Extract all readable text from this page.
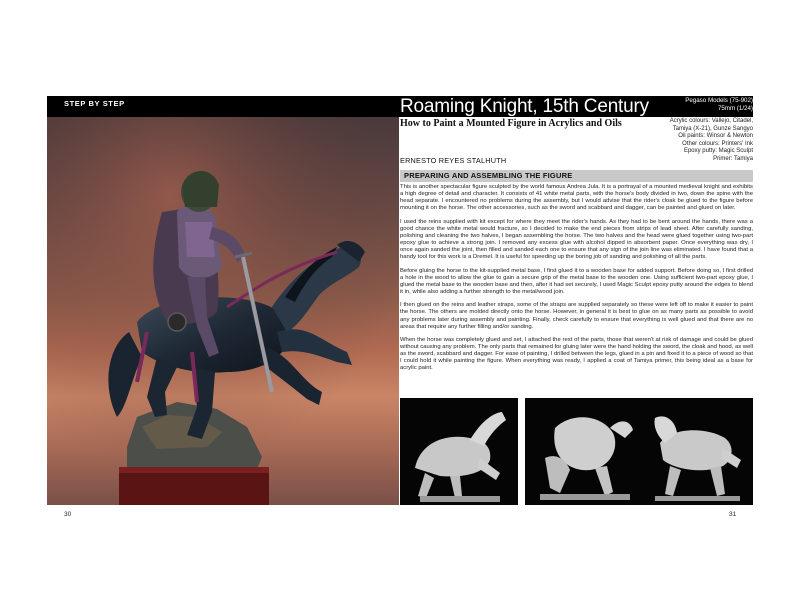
STEP BY STEP	Roaming Knight, 15th Century	Pegaso Models (75-902)
75mm (1/24)
How to Paint a Mounted Figure in Acrylics and Oils	Acrylic colours: Vallejo, Citadel,
Tamiya (X-21), Gunze Sangyo
Oil paints: Winsor & Newton
Other colours: Printers' Ink
Epoxy putty: Magic Sculpt
Primer: Tamiya
ERNESTO REYES STALHUTH
PREPARING AND ASSEMBLING THE FIGURE

This is another spectacular figure sculpted by the world famous Andrea Jula. It is a portrayal of a mounted medieval knight and exhibits a high degree of detail and character. It consists of 41 white metal parts, with the horse's body divided in two, down the spine with the head separate. I encountered no problems during the assembly, but I would advise that the rider's cloak be glued to the figure before mounting it on the horse. The other accessories, such as the sword and scabbard and dagger, can be painted and glued on later.

I used the reins supplied with kit except for where they meet the rider's hands. As they had to be bent around the hands, there was a good chance the white metal would fracture, so I decided to make the end pieces from strips of lead sheet. After carefully sanding, polishing and cleaning the two halves, I began assembling the horse. The two halves and the head were glued together using two-part epoxy glue to achieve a strong join. I removed any excess glue with alcohol dipped in absorbent paper. Once everything was dry, I once again sanded the joint, then filled and sanded each one to ensure that any sign of the join line was eliminated. I have found that a handy tool for this work is a Dremel. It is useful for speeding up the boring job of sanding and polishing of all the parts.

Before gluing the horse to the kit-supplied metal base, I first glued it to a wooden base for added support. Before doing so, I first drilled a hole in the wood to allow the glue to gain a secure grip of the metal base to the wooden one. Using sufficient two-part epoxy glue, I glued the metal base to the wooden base and then, after it had set securely, I used Magic Sculpt epoxy putty around the edges to blend it in, while also adding a further strength to the metal/wood join.

I then glued on the reins and leather straps, some of the straps are supplied separately so these were left off to make it easier to paint the horse. The others are molded directly onto the horse. However, in general it is best to glue on as many parts as possible to avoid any problems later during assembly and painting. Finally, check carefully to ensure that everything is well glued and that there are no areas that require any further filling and/or sanding.

When the horse was completely glued and set, I attached the rest of the parts, those that weren't at risk of damage and could be glued without causing any problem. The only parts that remained for gluing later were the hand holding the sword, the cloak and hood, as well as the sword, scabbard and dagger. For ease of painting, I drilled between the legs, glued in a pin and fixed it to a piece of wood so that I could hold it while painting the figure. When everything was ready, I applied a coat of Tamiya primer, this being ideal as a base for acrylic paint.

30	31
